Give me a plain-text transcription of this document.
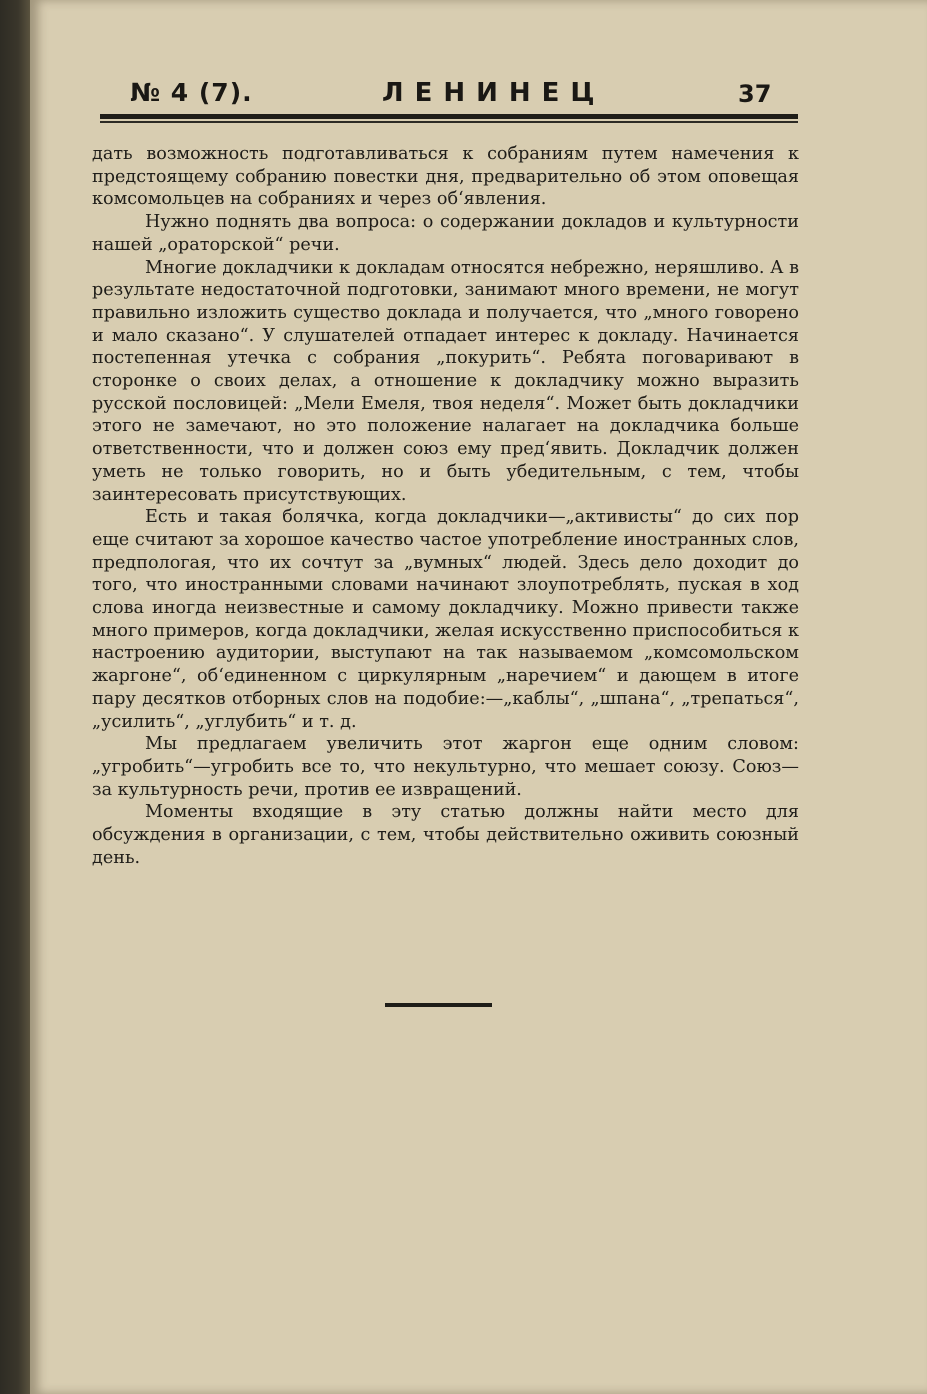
№ 4 (7).	ЛЕНИНЕЦ	37

дать возможность подготавливаться к собраниям путем намечения к предстоящему собранию повестки дня, предварительно об этом оповещая комсомольцев на собраниях и через об‘явления.

Нужно поднять два вопроса: о содержании докладов и культурности нашей „ораторской“ речи.

Многие докладчики к докладам относятся небрежно, неряшливо. А в результате недостаточной подготовки, занимают много времени, не могут правильно изложить существо доклада и получается, что „много говорено и мало сказано“. У слушателей отпадает интерес к докладу. Начинается постепенная утечка с собрания „покурить“. Ребята поговаривают в сторонке о своих делах, а отношение к докладчику можно выразить русской пословицей: „Мели Емеля, твоя неделя“. Может быть докладчики этого не замечают, но это положение налагает на докладчика больше ответственности, что и должен союз ему пред‘явить. Докладчик должен уметь не только говорить, но и быть убедительным, с тем, чтобы заинтересовать присутствующих.

Есть и такая болячка, когда докладчики—„активисты“ до сих пор еще считают за хорошое качество частое употребление иностранных слов, предпологая, что их сочтут за „вумных“ людей. Здесь дело доходит до того, что иностранными словами начинают злоупотреблять, пуская в ход слова иногда неизвестные и самому докладчику. Можно привести также много примеров, когда докладчики, желая искусственно приспособиться к настроению аудитории, выступают на так называемом „комсомольском жаргоне“, об‘единенном с циркулярным „наречием“ и дающем в итоге пару десятков отборных слов на подобие:—„каблы“, „шпана“, „трепаться“, „усилить“, „углубить“ и т. д.

Мы предлагаем увеличить этот жаргон еще одним словом: „угробить“—угробить все то, что некультурно, что мешает союзу. Союз—за культурность речи, против ее извращений.

Моменты входящие в эту статью должны найти место для обсуждения в организации, с тем, чтобы действительно оживить союзный день.
